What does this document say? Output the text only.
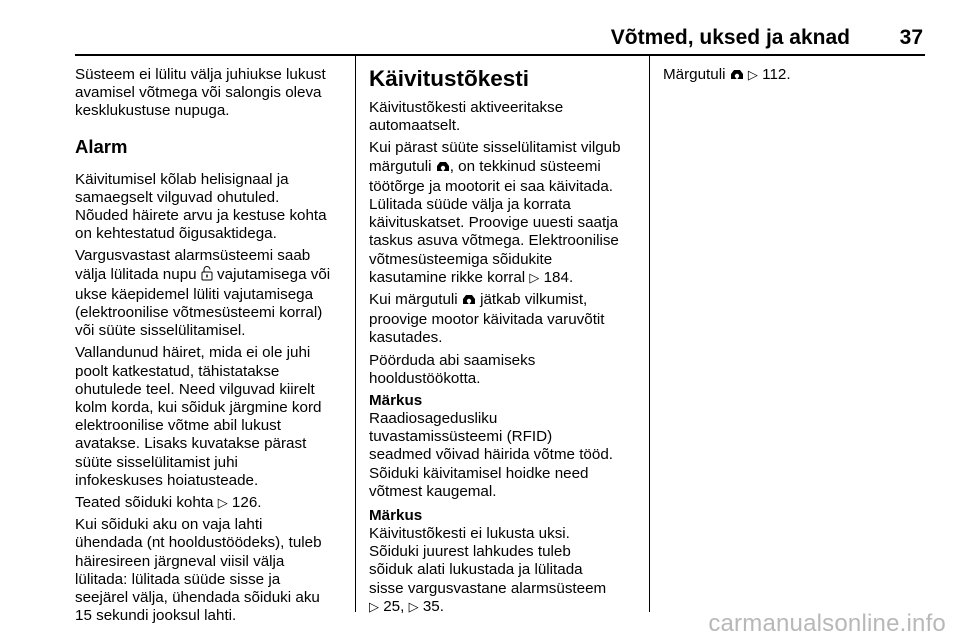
Võtmed, uksed ja aknad 37

Süsteem ei lülitu välja juhiukse lukust
avamisel võtmega või salongis oleva
kesklukustuse nupuga.

Alarm

Käivitumisel kõlab helisignaal ja
samaegselt vilguvad ohutuled.
Nõuded häirete arvu ja kestuse kohta
on kehtestatud õigusaktidega.

Vargusvastast alarmsüsteemi saab
välja lülitada nupu  vajutamisega või
ukse käepidemel lüliti vajutamisega
(elektroonilise võtmesüsteemi korral)
või süüte sisselülitamisel.

Vallandunud häiret, mida ei ole juhi
poolt katkestatud, tähistatakse
ohutulede teel. Need vilguvad kiirelt
kolm korda, kui sõiduk järgmine kord
elektroonilise võtme abil lukust
avatakse. Lisaks kuvatakse pärast
süüte sisselülitamist juhi
infokeskuses hoiatusteade.

Teated sõiduki kohta ▷ 126.

Kui sõiduki aku on vaja lahti
ühendada (nt hooldustöödeks), tuleb
häiresireen järgneval viisil välja
lülitada: lülitada süüde sisse ja
seejärel välja, ühendada sõiduki aku
15 sekundi jooksul lahti.

Käivitustõkesti

Käivitustõkesti aktiveeritakse
automaatselt.

Kui pärast süüte sisselülitamist vilgub
märgutuli , on tekkinud süsteemi
töötõrge ja mootorit ei saa käivitada.
Lülitada süüde välja ja korrata
käivituskatset. Proovige uuesti saatja
taskus asuva võtmega. Elektroonilise
võtmesüsteemiga sõidukite
kasutamine rikke korral ▷ 184.

Kui märgutuli  jätkab vilkumist,
proovige mootor käivitada varuvõtit
kasutades.

Pöörduda abi saamiseks
hooldustöökotta.

Märkus
Raadiosagedusliku
tuvastamissüsteemi (RFID)
seadmed võivad häirida võtme tööd.
Sõiduki käivitamisel hoidke need
võtmest kaugemal.
Märkus
Käivitustõkesti ei lukusta uksi.
Sõiduki juurest lahkudes tuleb
sõiduk alati lukustada ja lülitada
sisse vargusvastane alarmsüsteem
▷ 25, ▷ 35.

Märgutuli  ▷ 112.

carmanualsonline.info
